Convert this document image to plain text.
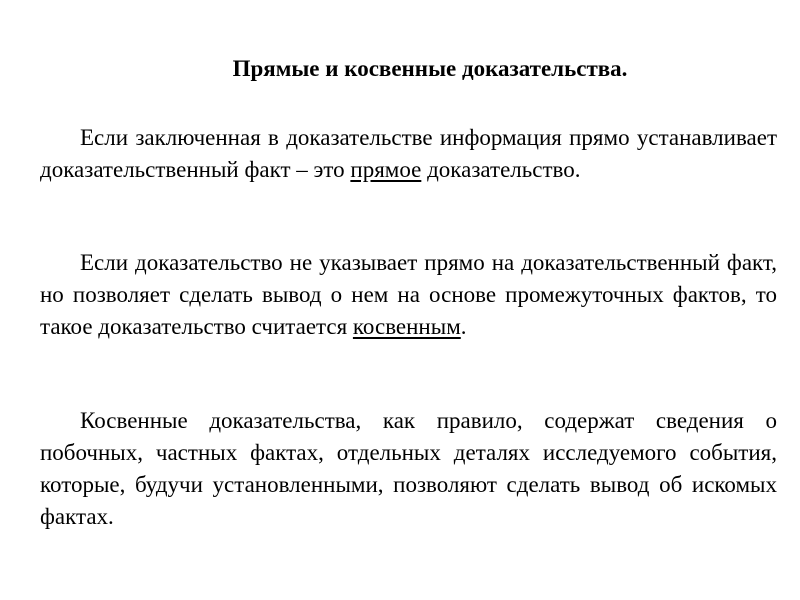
Прямые и косвенные доказательства.

Если заключенная в доказательстве информация прямо устанавливает доказательственный факт – это прямое доказательство.

Если доказательство не указывает прямо на доказательственный факт, но позволяет сделать вывод о нем на основе промежуточных фактов, то такое доказательство считается косвенным.

Косвенные доказательства, как правило, содержат сведения о побочных, частных фактах, отдельных деталях исследуемого события, которые, будучи установленными, позволяют сделать вывод об искомых фактах.
